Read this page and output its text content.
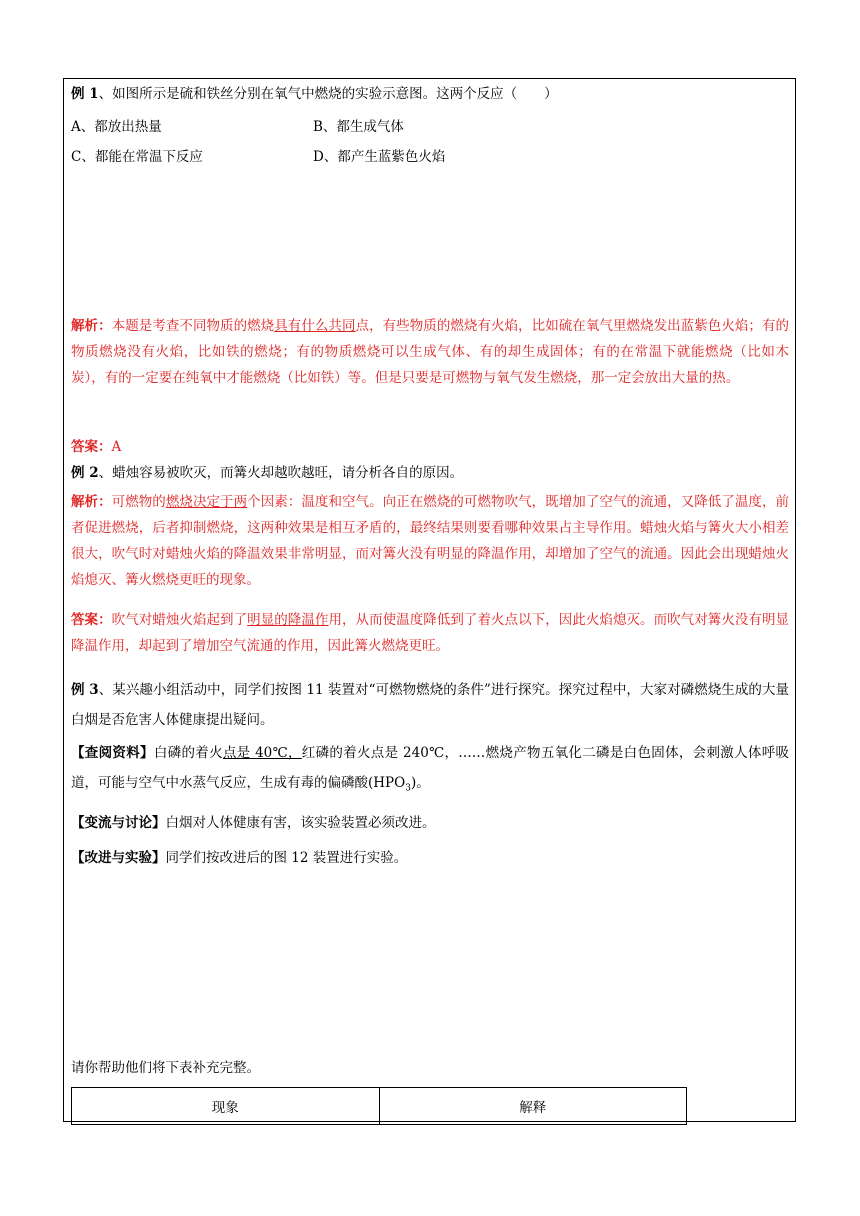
例 1、如图所示是硫和铁丝分别在氧气中燃烧的实验示意图。这两个反应（　　）
A、都放出热量	B、都生成气体
C、都能在常温下反应	D、都产生蓝紫色火焰
解析：本题是考查不同物质的燃烧具有什么共同点，有些物质的燃烧有火焰，比如硫在氧气里燃烧发出蓝紫色火焰；有的物质燃烧没有火焰，比如铁的燃烧；有的物质燃烧可以生成气体、有的却生成固体；有的在常温下就能燃烧（比如木炭），有的一定要在纯氧中才能燃烧（比如铁）等。但是只要是可燃物与氧气发生燃烧，那一定会放出大量的热。
答案：A
例 2、蜡烛容易被吹灭，而篝火却越吹越旺，请分析各自的原因。
解析：可燃物的燃烧决定于两个因素：温度和空气。向正在燃烧的可燃物吹气，既增加了空气的流通，又降低了温度，前者促进燃烧，后者抑制燃烧，这两种效果是相互矛盾的，最终结果则要看哪种效果占主导作用。蜡烛火焰与篝火大小相差很大，吹气时对蜡烛火焰的降温效果非常明显，而对篝火没有明显的降温作用，却增加了空气的流通。因此会出现蜡烛火焰熄灭、篝火燃烧更旺的现象。
答案：吹气对蜡烛火焰起到了明显的降温作用，从而使温度降低到了着火点以下，因此火焰熄灭。而吹气对篝火没有明显降温作用，却起到了增加空气流通的作用，因此篝火燃烧更旺。
例 3、某兴趣小组活动中，同学们按图 11 装置对“可燃物燃烧的条件”进行探究。探究过程中，大家对磷燃烧生成的大量白烟是否危害人体健康提出疑问。
【查阅资料】白磷的着火点是 40℃，红磷的着火点是 240℃，……燃烧产物五氧化二磷是白色固体，会刺激人体呼吸道，可能与空气中水蒸气反应，生成有毒的偏磷酸$(HPO_3)$。
【变流与讨论】白烟对人体健康有害，该实验装置必须改进。
【改进与实验】同学们按改进后的图 12 装置进行实验。
请你帮助他们将下表补充完整。
现象	解释
